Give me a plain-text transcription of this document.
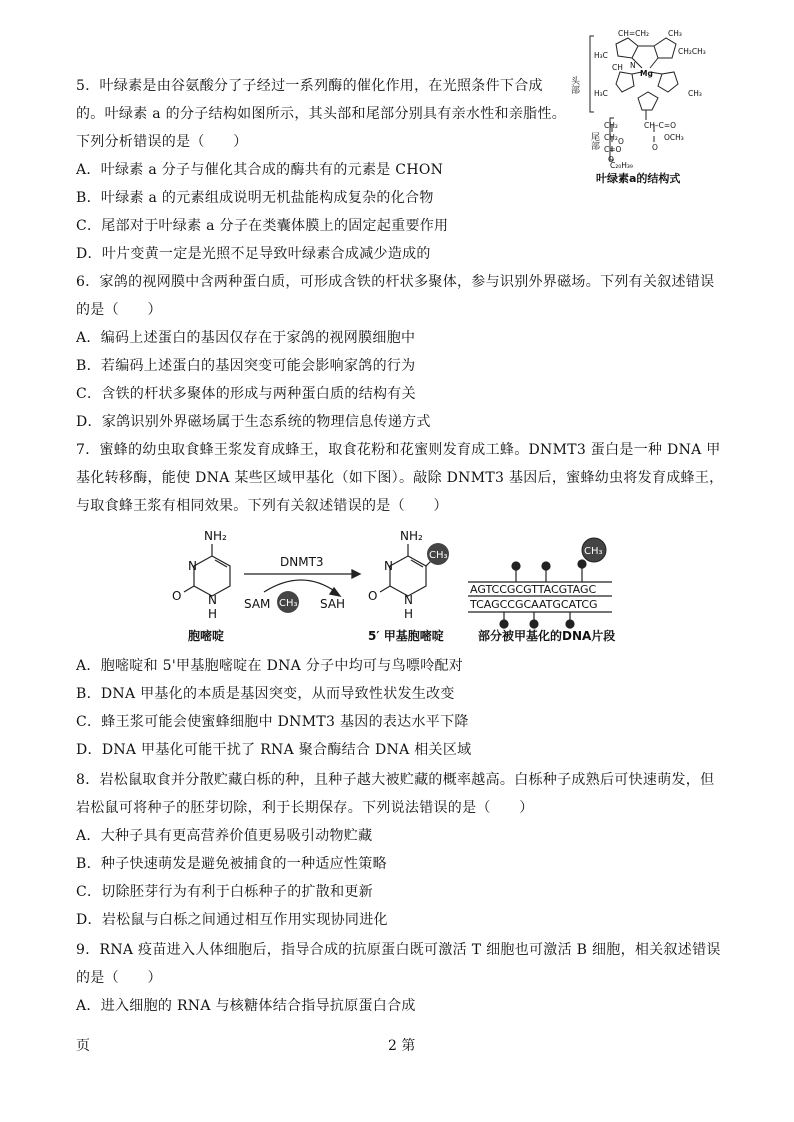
5．叶绿素是由谷氨酸分了子经过一系列酶的催化作用，在光照条件下合成
的。叶绿素 a 的分子结构如图所示，其头部和尾部分别具有亲水性和亲脂性。
下列分析错误的是（　　）
A．叶绿素 a 分子与催化其合成的酶共有的元素是 CHON
B．叶绿素 a 的元素组成说明无机盐能构成复杂的化合物
C．尾部对于叶绿素 a 分子在类囊体膜上的固定起重要作用
D．叶片变黄一定是光照不足导致叶绿素合成减少造成的
CH=CH₂	CH₃
CH₂CH₃
H₃C
CH N
Mg
H₃C	CH₃
CH₂
CH₂
C=O
O
O
O
C₂₀H₃₉
CH–C=O
OCH₃
头部
尾部
叶绿素a的结构式
6．家鸽的视网膜中含两种蛋白质，可形成含铁的杆状多聚体，参与识别外界磁场。下列有关叙述错误
的是（　　）
A．编码上述蛋白的基因仅存在于家鸽的视网膜细胞中
B．若编码上述蛋白的基因突变可能会影响家鸽的行为
C．含铁的杆状多聚体的形成与两种蛋白质的结构有关
D．家鸽识别外界磁场属于生态系统的物理信息传递方式
7．蜜蜂的幼虫取食蜂王浆发育成蜂王，取食花粉和花蜜则发育成工蜂。DNMT3 蛋白是一种 DNA 甲
基化转移酶，能使 DNA 某些区域甲基化（如下图）。敲除 DNMT3 基因后，蜜蜂幼虫将发育成蜂王，
与取食蜂王浆有相同效果。下列有关叙述错误的是（　　）
NH₂
N
N
H
O
胞嘧啶
DNMT3
SAM	SAH
CH₃
CH₃
NH₂
N
N
H
O
5′ 甲基胞嘧啶
CH₃
AGTCCGCGTTACGTAGC
TCAGCCGCAATGCATCG
部分被甲基化的DNA片段
A．胞嘧啶和 5'甲基胞嘧啶在 DNA 分子中均可与鸟嘌呤配对
B．DNA 甲基化的本质是基因突变，从而导致性状发生改变
C．蜂王浆可能会使蜜蜂细胞中 DNMT3 基因的表达水平下降
D．DNA 甲基化可能干扰了 RNA 聚合酶结合 DNA 相关区域
8．岩松鼠取食并分散贮藏白栎的种，且种子越大被贮藏的概率越高。白栎种子成熟后可快速萌发，但
岩松鼠可将种子的胚芽切除，利于长期保存。下列说法错误的是（　　）
A．大种子具有更高营养价值更易吸引动物贮藏
B．种子快速萌发是避免被捕食的一种适应性策略
C．切除胚芽行为有利于白栎种子的扩散和更新
D．岩松鼠与白栎之间通过相互作用实现协同进化
9．RNA 疫苗进入人体细胞后，指导合成的抗原蛋白既可激活 T 细胞也可激活 B 细胞，相关叙述错误
的是（　　）
A．进入细胞的 RNA 与核糖体结合指导抗原蛋白合成
页	2 第
